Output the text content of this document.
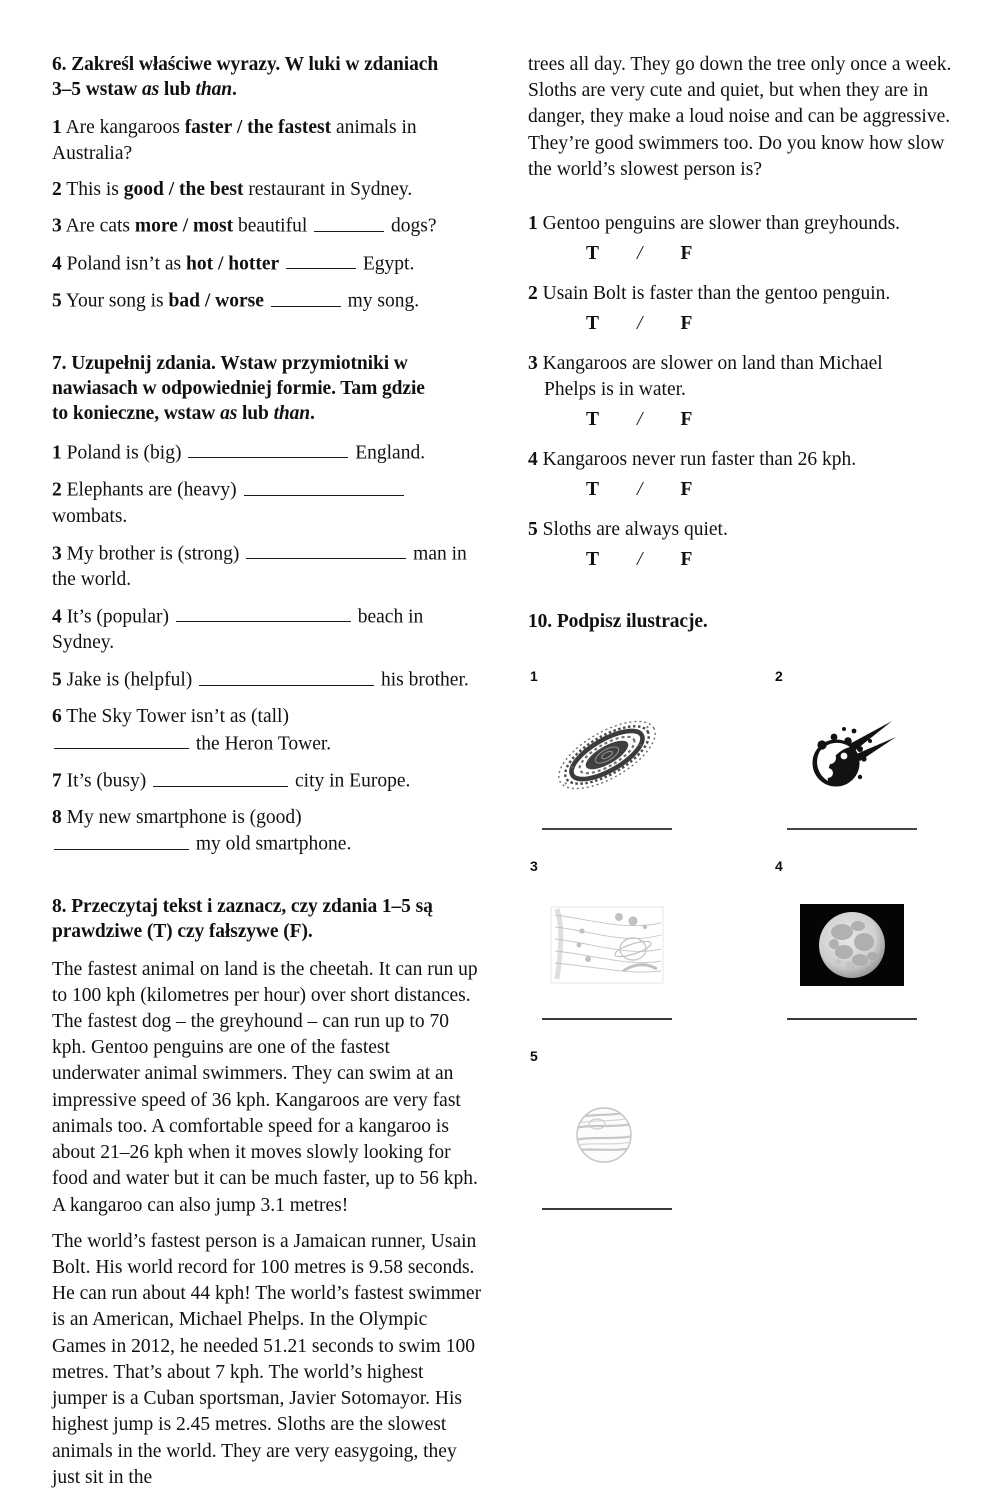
6. Zakreśl właściwe wyrazy. W luki w zdaniach
3–5 wstaw as lub than.
1 Are kangaroos faster / the fastest animals in Australia?
2 This is good / the best restaurant in Sydney.
3 Are cats more / most beautiful	dogs?
4 Poland isn’t as hot / hotter	Egypt.
5 Your song is bad / worse	my song.
7. Uzupełnij zdania. Wstaw przymiotniki w
nawiasach w odpowiedniej formie. Tam gdzie
to konieczne, wstaw as lub than.
1 Poland is (big)	England.
2 Elephants are (heavy)  wombats.
3 My brother is (strong)	man in the world.
4 It’s (popular)	beach in Sydney.
5 Jake is (helpful)	his brother.
6 The Sky Tower isn’t as (tall)
the Heron Tower.
7 It’s (busy)	city in Europe.
8 My new smartphone is (good)
my old smartphone.
8. Przeczytaj tekst i zaznacz, czy zdania 1–5 są
prawdziwe (T) czy fałszywe (F).

The fastest animal on land is the cheetah. It can run up to 100 kph (kilometres per hour) over short distances. The fastest dog – the greyhound – can run up to 70 kph. Gentoo penguins are one of the fastest underwater animal swimmers. They can swim at an impressive speed of 36 kph. Kangaroos are very fast animals too. A comfortable speed for a kangaroo is about 21–26 kph when it moves slowly looking for food and water but it can be much faster, up to 56 kph. A kangaroo can also jump 3.1 metres!

The world’s fastest person is a Jamaican runner, Usain Bolt. His world record for 100 metres is 9.58 seconds. He can run about 44 kph! The world’s fastest swimmer is an American, Michael Phelps. In the Olympic Games in 2012, he needed 51.21 seconds to swim 100 metres. That’s about 7 kph. The world’s highest jumper is a Cuban sportsman, Javier Sotomayor. His highest jump is 2.45 metres. Sloths are the slowest animals in the world. They are very easygoing, they just sit in the

trees all day. They go down the tree only once a week. Sloths are very cute and quiet, but when they are in danger, they make a loud noise and can be aggressive. They’re good swimmers too. Do you know how slow the world’s slowest person is?

1 Gentoo penguins are slower than greyhounds.
T / F
2 Usain Bolt is faster than the gentoo penguin.
T / F
3 Kangaroos are slower on land than Michael
Phelps is in water.
T / F
4 Kangaroos never run faster than 26 kph.
T / F
5 Sloths are always quiet.
T / F
10. Podpisz ilustracje.
1	2
3	4
5
